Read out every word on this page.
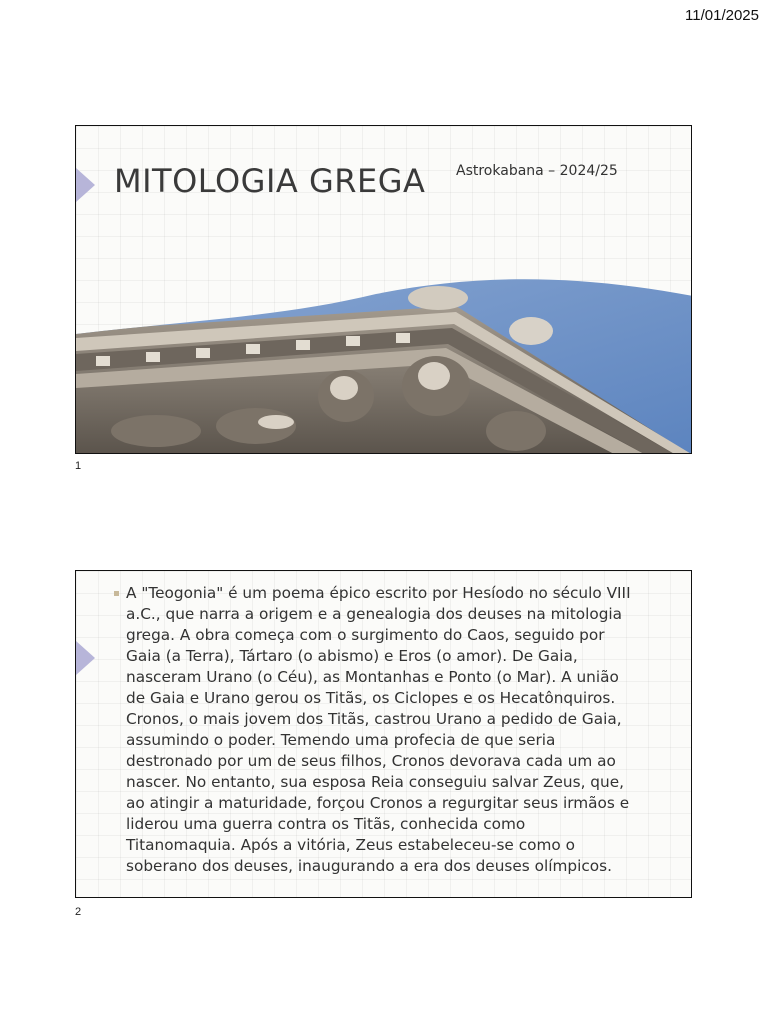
11/01/2025
MITOLOGIA GREGA Astrokabana – 2024/25
1
A "Teogonia" é um poema épico escrito por Hesíodo no século VIII a.C., que narra a origem e a genealogia dos deuses na mitologia grega. A obra começa com o surgimento do Caos, seguido por Gaia (a Terra), Tártaro (o abismo) e Eros (o amor). De Gaia, nasceram Urano (o Céu), as Montanhas e Ponto (o Mar). A união de Gaia e Urano gerou os Titãs, os Ciclopes e os Hecatônquiros. Cronos, o mais jovem dos Titãs, castrou Urano a pedido de Gaia, assumindo o poder. Temendo uma profecia de que seria destronado por um de seus filhos, Cronos devorava cada um ao nascer. No entanto, sua esposa Reia conseguiu salvar Zeus, que, ao atingir a maturidade, forçou Cronos a regurgitar seus irmãos e liderou uma guerra contra os Titãs, conhecida como Titanomaquia. Após a vitória, Zeus estabeleceu-se como o soberano dos deuses, inaugurando a era dos deuses olímpicos.
2
